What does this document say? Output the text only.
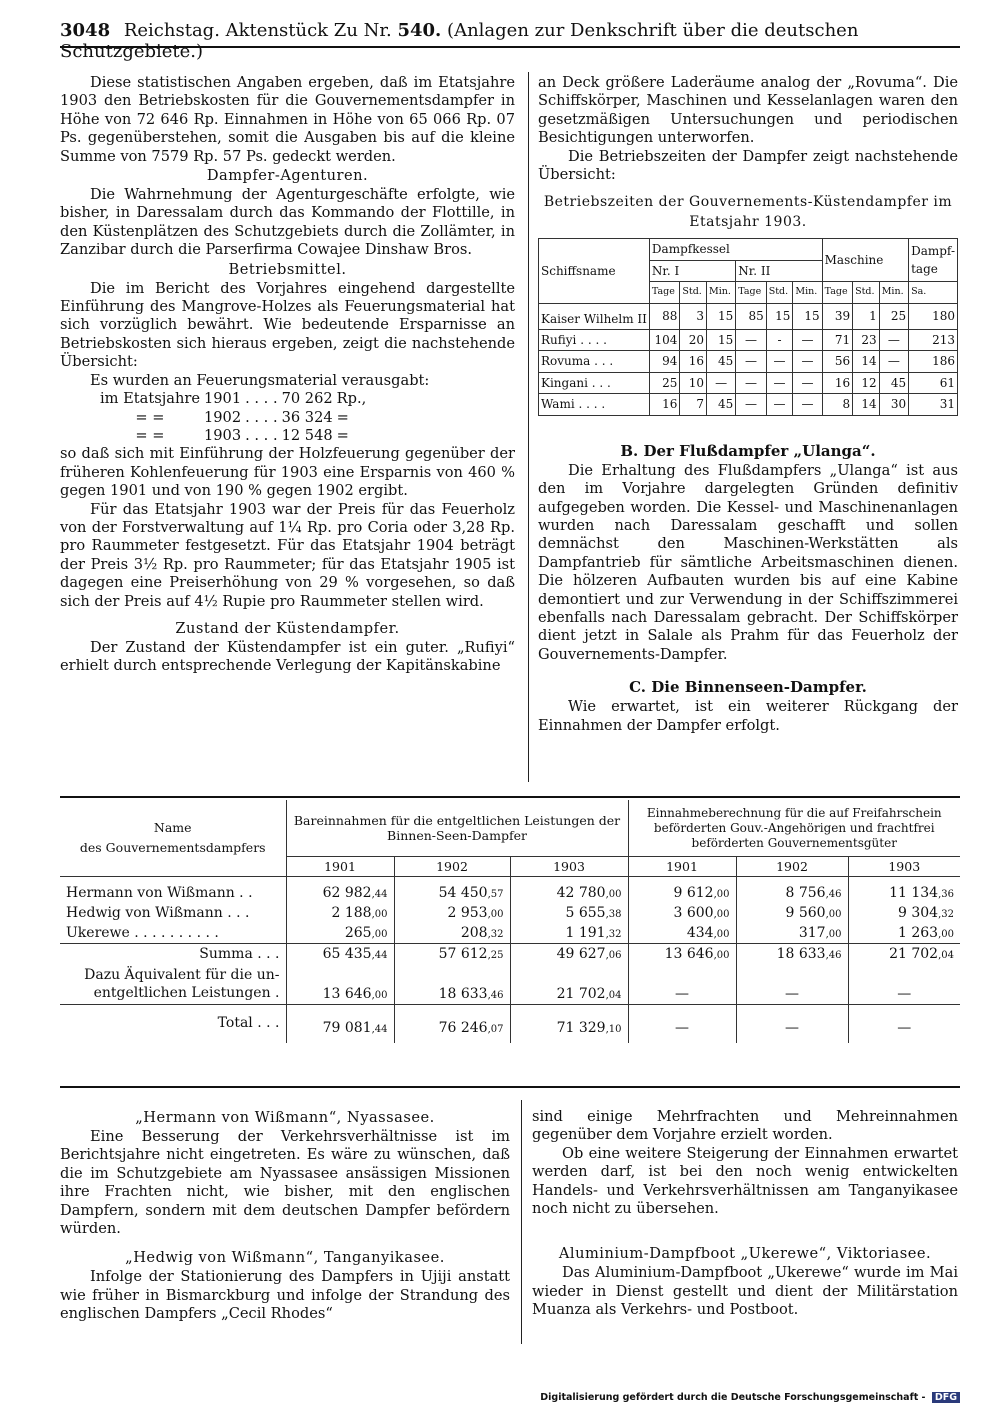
3048 Reichstag. Aktenstück Zu Nr. 540. (Anlagen zur Denkschrift über die deutschen Schutzgebiete.)

Diese statistischen Angaben ergeben, daß im Etatsjahre 1903 den Betriebskosten für die Gouvernementsdampfer in Höhe von 72 646 Rp. Einnahmen in Höhe von 65 066 Rp. 07 Ps. gegenüberstehen, somit die Ausgaben bis auf die kleine Summe von 7579 Rp. 57 Ps. gedeckt werden.

Dampfer-Agenturen.

Die Wahrnehmung der Agenturgeschäfte erfolgte, wie bisher, in Daressalam durch das Kommando der Flottille, in den Küstenplätzen des Schutzgebiets durch die Zollämter, in Zanzibar durch die Parserfirma Cowajee Dinshaw Bros.

Betriebsmittel.

Die im Bericht des Vorjahres eingehend dargestellte Einführung des Mangrove-Holzes als Feuerungsmaterial hat sich vorzüglich bewährt. Wie bedeutende Ersparnisse an Betriebskosten sich hieraus ergeben, zeigt die nachstehende Übersicht:

Es wurden an Feuerungsmaterial verausgabt:

im Etatsjahre	1901	. . . .	70 262	Rp.,
= =	1902	. . . .	36 324	=
= =	1903	. . . .	12 548	=

so daß sich mit Einführung der Holzfeuerung gegenüber der früheren Kohlenfeuerung für 1903 eine Ersparnis von 460 % gegen 1901 und von 190 % gegen 1902 ergibt.

Für das Etatsjahr 1903 war der Preis für das Feuerholz von der Forstverwaltung auf 1¼ Rp. pro Coria oder 3,28 Rp. pro Raummeter festgesetzt. Für das Etatsjahr 1904 beträgt der Preis 3½ Rp. pro Raummeter; für das Etatsjahr 1905 ist dagegen eine Preiserhöhung von 29 % vorgesehen, so daß sich der Preis auf 4½ Rupie pro Raummeter stellen wird.

Zustand der Küstendampfer.

Der Zustand der Küstendampfer ist ein guter. „Rufiyi“ erhielt durch entsprechende Verlegung der Kapitänskabine

an Deck größere Laderäume analog der „Rovuma“. Die Schiffskörper, Maschinen und Kesselanlagen waren den gesetzmäßigen Untersuchungen und periodischen Besichtigungen unterworfen.

Die Betriebszeiten der Dampfer zeigt nachstehende Übersicht:

Betriebszeiten der Gouvernements-Küstendampfer im Etatsjahr 1903.
Schiffsname	Dampfkessel						Maschine			Dampf-tage
	Nr. I			Nr. II						
	Tage	Std.	Min.	Tage	Std.	Min.	Tage	Std.	Min.	Sa.
Kaiser Wilhelm II	88	3	15	85	15	15	39	1	25	180
Rufiyi . . . .	104	20	15	—	-	—	71	23	—	213
Rovuma . . .	94	16	45	—	—	—	56	14	—	186
Kingani . . .	25	10	—	—	—	—	16	12	45	61
Wami . . . .	16	7	45	—	—	—	8	14	30	31
B. Der Flußdampfer „Ulanga“.

Die Erhaltung des Flußdampfers „Ulanga“ ist aus den im Vorjahre dargelegten Gründen definitiv aufgegeben worden. Die Kessel- und Maschinenanlagen wurden nach Daressalam geschafft und sollen demnächst den Maschinen-Werkstätten als Dampfantrieb für sämtliche Arbeitsmaschinen dienen. Die hölzeren Aufbauten wurden bis auf eine Kabine demontiert und zur Verwendung in der Schiffszimmerei ebenfalls nach Daressalam gebracht. Der Schiffskörper dient jetzt in Salale als Prahm für das Feuerholz der Gouvernements-Dampfer.

C. Die Binnenseen-Dampfer.

Wie erwartet, ist ein weiterer Rückgang der Einnahmen der Dampfer erfolgt.

Name
des Gouvernementsdampfers	Bareinnahmen für die entgeltlichen Leistungen der Binnen-Seen-Dampfer			Einnahmeberechnung für die auf Freifahrschein beförderten Gouv.-Angehörigen und frachtfrei beförderten Gouvernementsgüter		
	1901	1902	1903	1901	1902	1903
Hermann von Wißmann . .	62 982,44	54 450,57	42 780,00	9 612,00	8 756,46	11 134,36
Hedwig von Wißmann . . .	2 188,00	2 953,00	5 655,38	3 600,00	9 560,00	9 304,32
Ukerewe . . . . . . . . . .	265,00	208,32	1 191,32	434,00	317,00	1 263,00
Summa . . .	65 435,44	57 612,25	49 627,06	13 646,00	18 633,46	21 702,04

Dazu Äquivalent für die un-
entgeltlichen Leistungen .	13 646,00	18 633,46	21 702,04	—	—	—
Total . . .	79 081,44	76 246,07	71 329,10	—	—	—
„Hermann von Wißmann“, Nyassasee.

Eine Besserung der Verkehrsverhältnisse ist im Berichtsjahre nicht eingetreten. Es wäre zu wünschen, daß die im Schutzgebiete am Nyassasee ansässigen Missionen ihre Frachten nicht, wie bisher, mit den englischen Dampfern, sondern mit dem deutschen Dampfer befördern würden.

„Hedwig von Wißmann“, Tanganyikasee.

Infolge der Stationierung des Dampfers in Ujiji anstatt wie früher in Bismarckburg und infolge der Strandung des englischen Dampfers „Cecil Rhodes“

sind einige Mehrfrachten und Mehreinnahmen gegenüber dem Vorjahre erzielt worden.

Ob eine weitere Steigerung der Einnahmen erwartet werden darf, ist bei den noch wenig entwickelten Handels- und Verkehrsverhältnissen am Tanganyikasee noch nicht zu übersehen.

Aluminium-Dampfboot „Ukerewe“, Viktoriasee.

Das Aluminium-Dampfboot „Ukerewe“ wurde im Mai wieder in Dienst gestellt und dient der Militärstation Muanza als Verkehrs- und Postboot.

Digitalisierung gefördert durch die Deutsche Forschungsgemeinschaft - DFG
